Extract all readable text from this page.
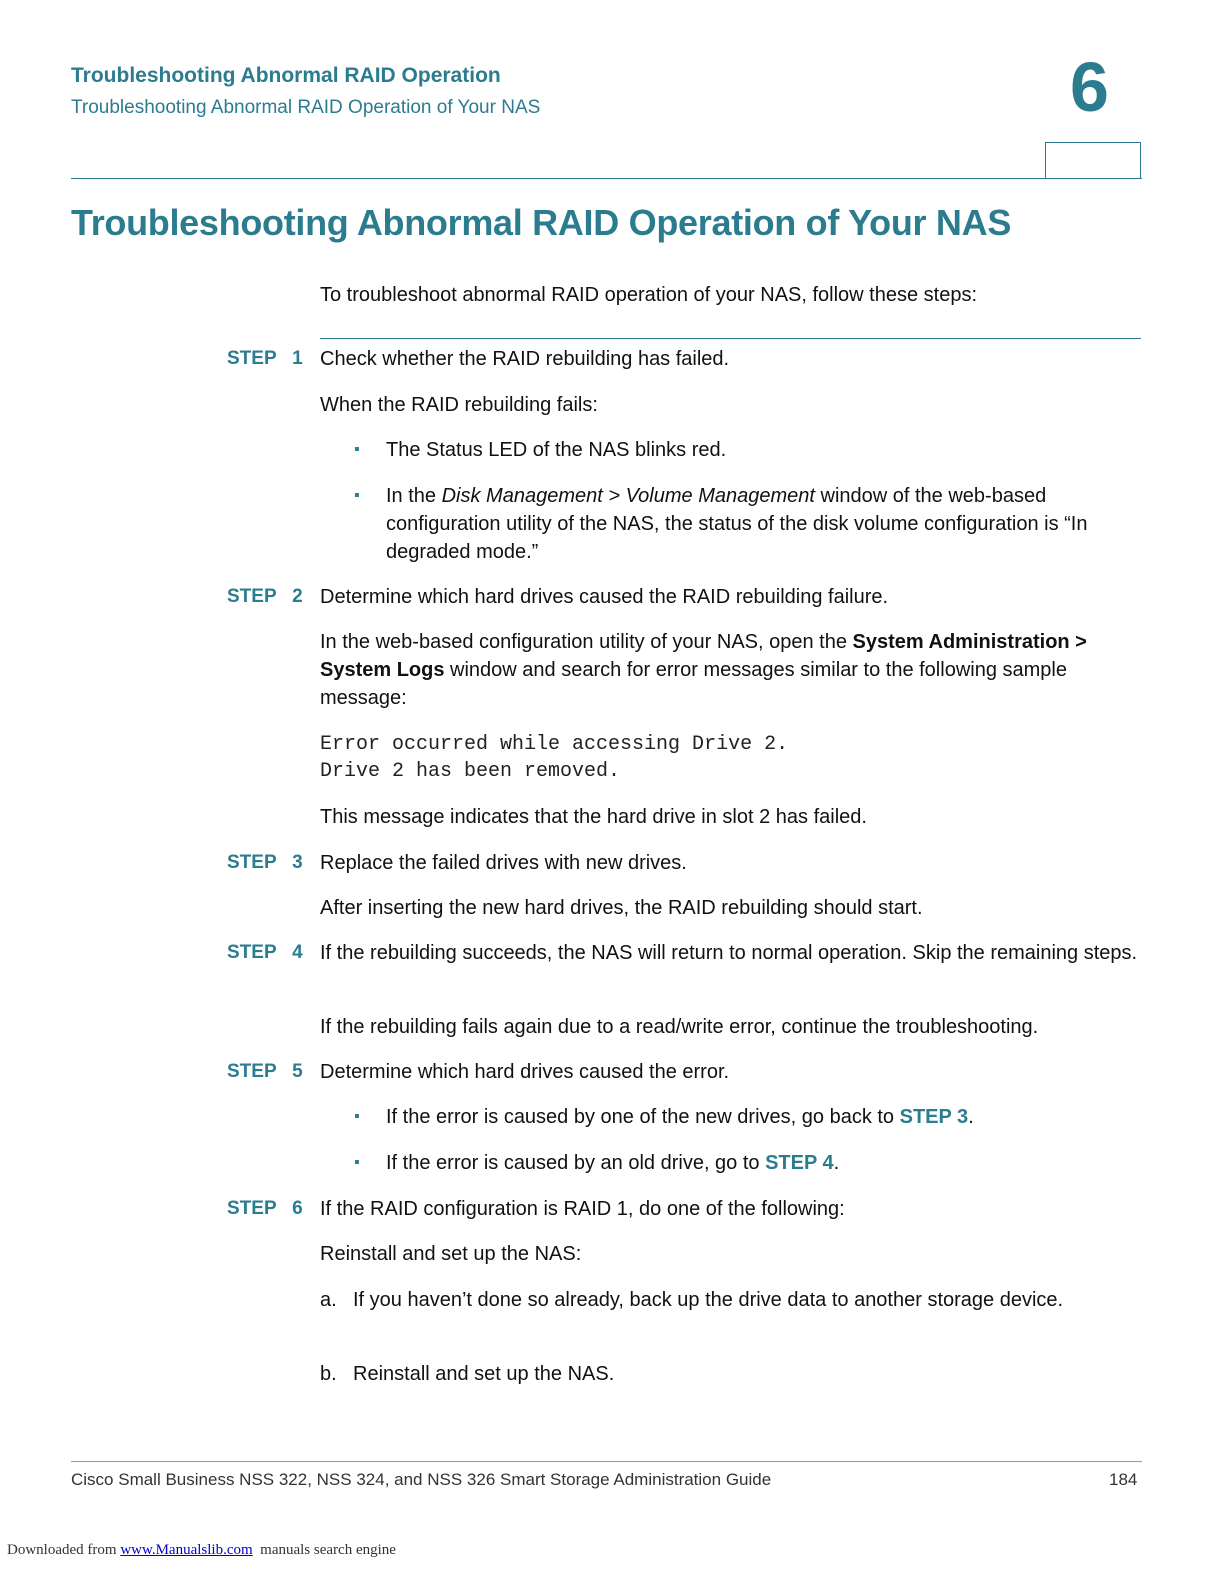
Troubleshooting Abnormal RAID Operation
Troubleshooting Abnormal RAID Operation of Your NAS	6
Troubleshooting Abnormal RAID Operation of Your NAS
To troubleshoot abnormal RAID operation of your NAS, follow these steps:
STEP   1 Check whether the RAID rebuilding has failed.
When the RAID rebuilding fails:
▪ The Status LED of the NAS blinks red.
▪ In the Disk Management > Volume Management window of the web-based configuration utility of the NAS, the status of the disk volume configuration is “In degraded mode.”
STEP   2 Determine which hard drives caused the RAID rebuilding failure.
In the web-based configuration utility of your NAS, open the System Administration > System Logs window and search for error messages similar to the following sample message:
Error occurred while accessing Drive 2.
Drive 2 has been removed.
This message indicates that the hard drive in slot 2 has failed.
STEP   3 Replace the failed drives with new drives.
After inserting the new hard drives, the RAID rebuilding should start.
STEP   4 If the rebuilding succeeds, the NAS will return to normal operation. Skip the remaining steps.
If the rebuilding fails again due to a read/write error, continue the troubleshooting.
STEP   5 Determine which hard drives caused the error.
▪ If the error is caused by one of the new drives, go back to STEP 3.
▪ If the error is caused by an old drive, go to STEP 4.
STEP   6 If the RAID configuration is RAID 1, do one of the following:
Reinstall and set up the NAS:
a. If you haven’t done so already, back up the drive data to another storage device.
b. Reinstall and set up the NAS.
Cisco Small Business NSS 322, NSS 324, and NSS 326 Smart Storage Administration Guide	184
Downloaded from www.Manualslib.com  manuals search engine
